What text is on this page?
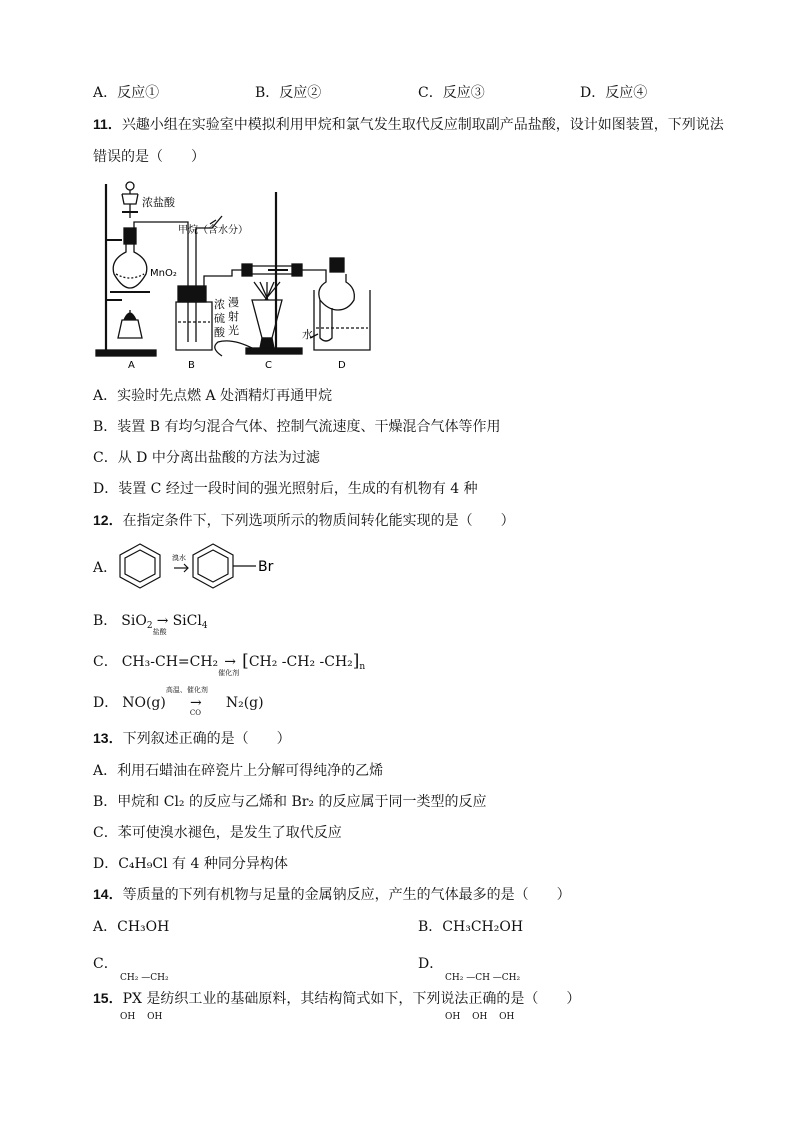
A．反应①	B．反应②	C．反应③	D．反应④
11．兴趣小组在实验室中模拟利用甲烷和氯气发生取代反应制取副产品盐酸，设计如图装置，下列说法
错误的是（　　）
浓盐酸
甲烷（含水分）
MnO₂
浓
硫
酸
漫
射
光	水
A	B	C	D
A．实验时先点燃 A 处酒精灯再通甲烷
B．装置 B 有均匀混合气体、控制气流速度、干燥混合气体等作用
C．从 D 中分离出盐酸的方法为过滤
D．装置 C 经过一段时间的强光照射后，生成的有机物有 4 种
12．在指定条件下，下列选项所示的物质间转化能实现的是（　　）
A．
溴水
Br
B． SiO$_2$ →
盐酸
SiCl$_4$
C． CH₃-CH=CH₂ →
催化剂
[CH₂ -CH₂ $-CH_2]_n$
D． NO(g) →
高温、催化剂
CO
N₂(g)
13．下列叙述正确的是（　　）
A．利用石蜡油在碎瓷片上分解可得纯净的乙烯
B．甲烷和 Cl₂ 的反应与乙烯和 Br₂ 的反应属于同一类型的反应
C．苯可使溴水褪色，是发生了取代反应
D．C₄H₉Cl 有 4 种同分异构体
14．等质量的下列有机物与足量的金属钠反应，产生的气体最多的是（　　）
A．CH₃OH	B．CH₃CH₂OH
C．

CH₂ —CH₂

OH　 OH

D．

CH₂ —CH —CH₂

OH　 OH　 OH

15．PX 是纺织工业的基础原料，其结构简式如下，下列说法正确的是（　　）
